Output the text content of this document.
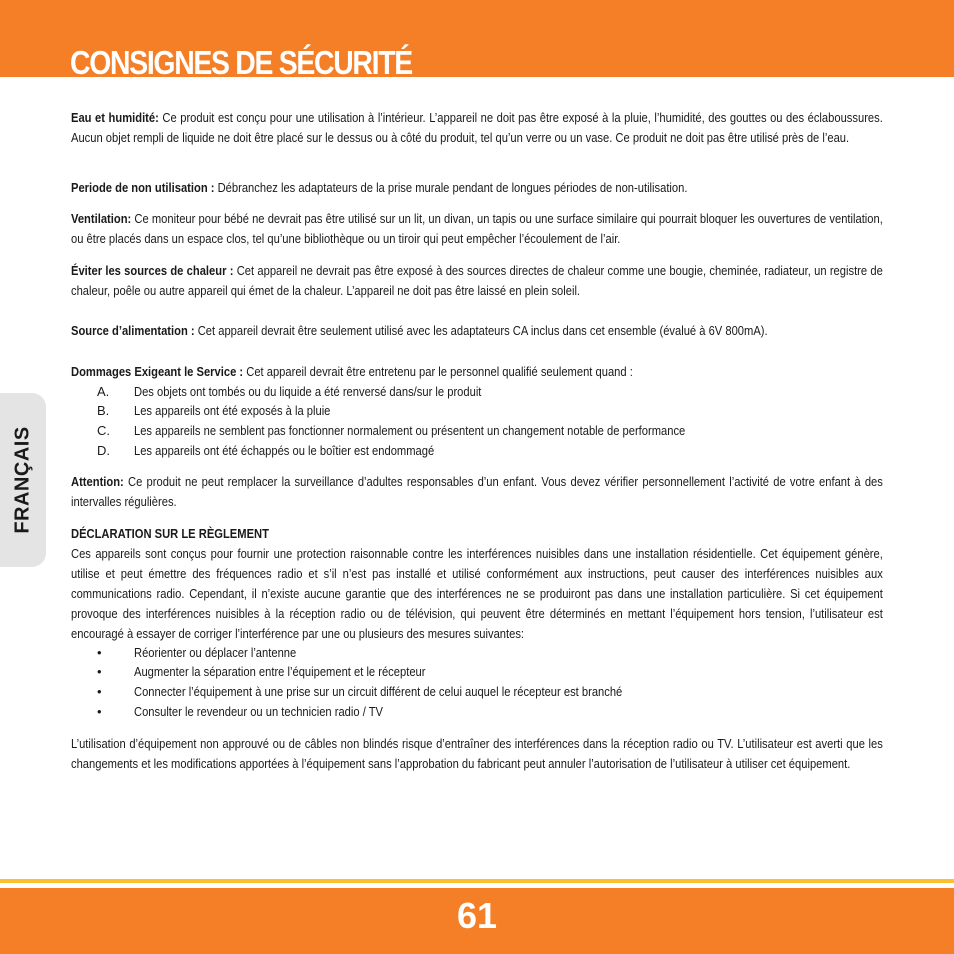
CONSIGNES DE SÉCURITÉ
FRANÇAIS

Eau et humidité: Ce produit est conçu pour une utilisation à l’intérieur. L’appareil ne doit pas être exposé à la pluie, l’humidité, des gouttes ou des éclaboussures. Aucun objet rempli de liquide ne doit être placé sur le dessus ou à côté du produit, tel qu’un verre ou un vase. Ce produit ne doit pas être utilisé près de l’eau.

Periode de non utilisation : Débranchez les adaptateurs de la prise murale pendant de longues périodes de non-utilisation.

Ventilation: Ce moniteur pour bébé ne devrait pas être utilisé sur un lit, un divan, un tapis ou une surface similaire qui pourrait bloquer les ouvertures de ventilation, ou être placés dans un espace clos, tel qu’une bibliothèque ou un tiroir qui peut empêcher l’écoulement de l’air.

Éviter les sources de chaleur : Cet appareil ne devrait pas être exposé à des sources directes de chaleur comme une bougie, cheminée, radiateur, un registre de chaleur, poêle ou autre appareil qui émet de la chaleur. L’appareil ne doit pas être laissé en plein soleil.

Source d’alimentation : Cet appareil devrait être seulement utilisé avec les adaptateurs CA inclus dans cet ensemble (évalué à 6V 800mA).

Dommages Exigeant le Service : Cet appareil devrait être entretenu par le personnel qualifié seulement quand :

A.	Des objets ont tombés ou du liquide a été renversé dans/sur le produit
B.	Les appareils ont été exposés à la pluie
C.	Les appareils ne semblent pas fonctionner normalement ou présentent un changement notable de performance
D.	Les appareils ont été échappés ou le boîtier est endommagé

Attention: Ce produit ne peut remplacer la surveillance d’adultes responsables d’un enfant. Vous devez vérifier personnellement l’activité de votre enfant à des intervalles régulières.

DÉCLARATION SUR LE RÈGLEMENT

Ces appareils sont conçus pour fournir une protection raisonnable contre les interférences nuisibles dans une installation résidentielle. Cet équipement génère, utilise et peut émettre des fréquences radio et s’il n’est pas installé et utilisé conformément aux instructions, peut causer des interférences nuisibles aux communications radio. Cependant, il n’existe aucune garantie que des interférences ne se produiront pas dans une installation particulière. Si cet équipement provoque des interférences nuisibles à la réception radio ou de télévision, qui peuvent être déterminés en mettant l’équipement hors tension, l’utilisateur est encouragé à essayer de corriger l’interférence par une ou plusieurs des mesures suivantes:

•	Réorienter ou déplacer l’antenne
•	Augmenter la séparation entre l’équipement et le récepteur
•	Connecter l’équipement à une prise sur un circuit différent de celui auquel le récepteur est branché
•	Consulter le revendeur ou un technicien radio / TV

L’utilisation d’équipement non approuvé ou de câbles non blindés risque d’entraîner des interférences dans la réception radio ou TV. L’utilisateur est averti que les changements et les modifications apportées à l’équipement sans l’approbation du fabricant peut annuler l’autorisation de l’utilisateur à utiliser cet équipement.

61
